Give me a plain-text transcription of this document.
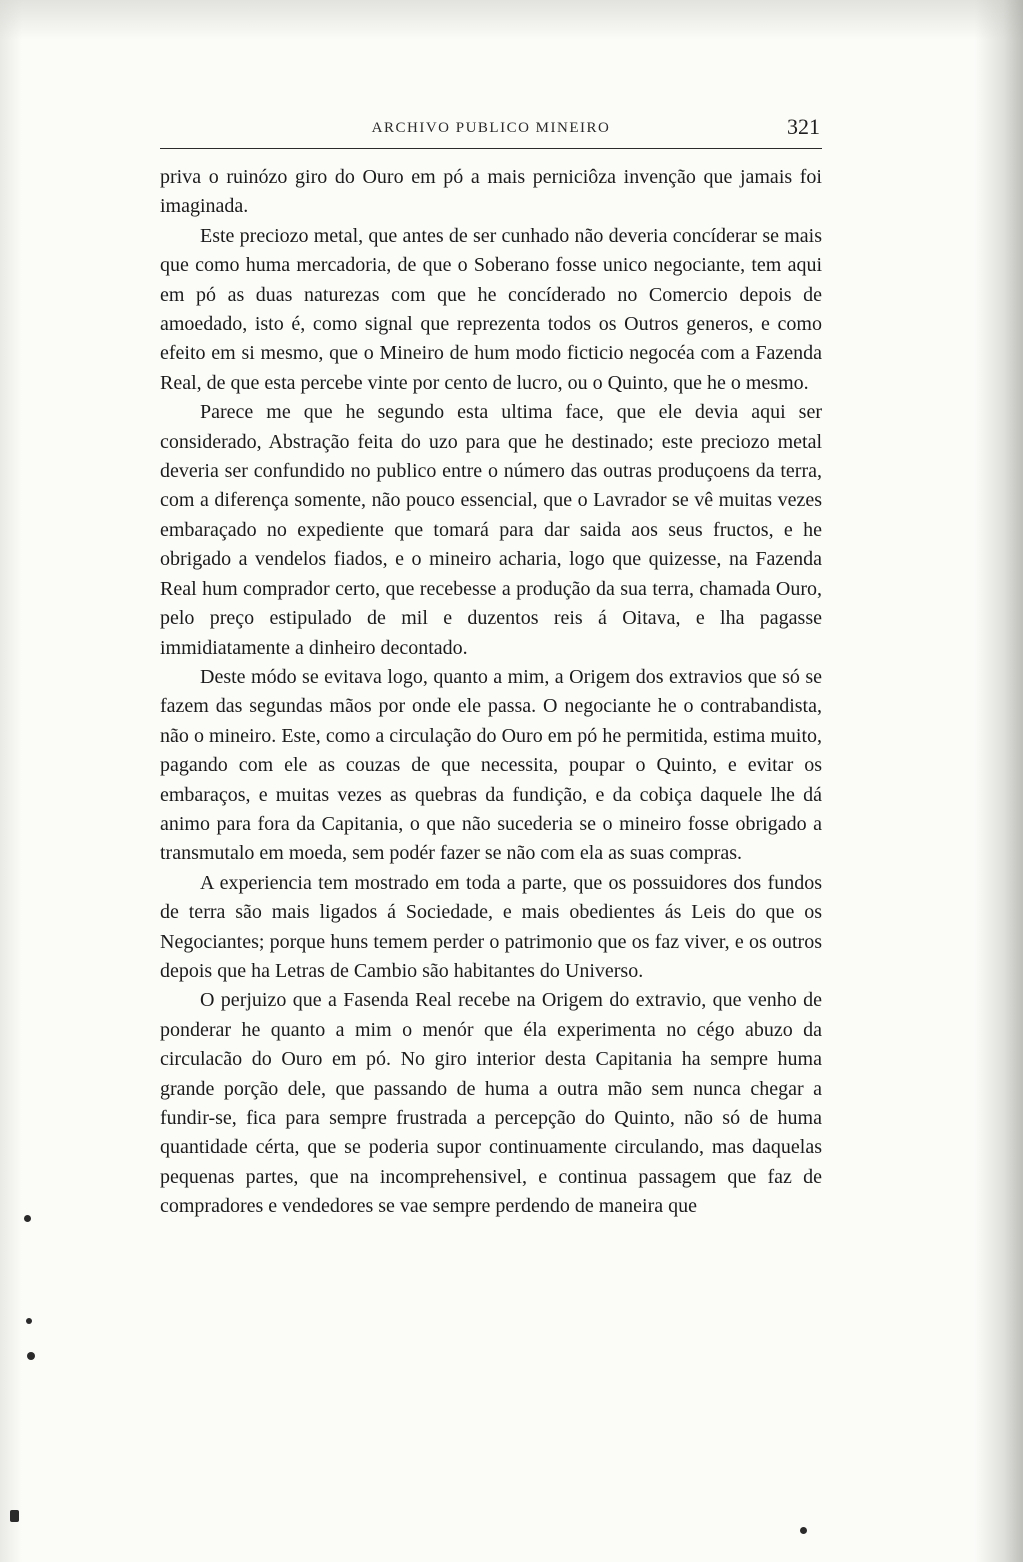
ARCHIVO PUBLICO MINEIRO	321

priva o ruinózo giro do Ouro em pó a mais perniciôza invenção que jamais foi imaginada.

Este preciozo metal, que antes de ser cunhado não deveria concíderar se mais que como huma mercadoria, de que o Soberano fosse unico negociante, tem aqui em pó as duas naturezas com que he concíderado no Comercio depois de amoedado, isto é, como signal que reprezenta todos os Outros generos, e como efeito em si mesmo, que o Mineiro de hum modo ficticio negocéa com a Fazenda Real, de que esta percebe vinte por cento de lucro, ou o Quinto, que he o mesmo.

Parece me que he segundo esta ultima face, que ele devia aqui ser considerado, Abstração feita do uzo para que he destinado; este preciozo metal deveria ser confundido no publico entre o número das outras produçoens da terra, com a diferença somente, não pouco essencial, que o Lavrador se vê muitas vezes embaraçado no expediente que tomará para dar saida aos seus fructos, e he obrigado a vendelos fiados, e o mineiro acharia, logo que quizesse, na Fazenda Real hum comprador certo, que recebesse a produção da sua terra, chamada Ouro, pelo preço estipulado de mil e duzentos reis á Oitava, e lha pagasse immidiatamente a dinheiro decontado.

Deste módo se evitava logo, quanto a mim, a Origem dos extravios que só se fazem das segundas mãos por onde ele passa. O negociante he o contrabandista, não o mineiro. Este, como a circulação do Ouro em pó he permitida, estima muito, pagando com ele as couzas de que necessita, poupar o Quinto, e evitar os embaraços, e muitas vezes as quebras da fundição, e da cobiça daquele lhe dá animo para fora da Capitania, o que não sucederia se o mineiro fosse obrigado a transmutalo em moeda, sem podér fazer se não com ela as suas compras.

A experiencia tem mostrado em toda a parte, que os possuidores dos fundos de terra são mais ligados á Sociedade, e mais obedientes ás Leis do que os Negociantes; porque huns temem perder o patrimonio que os faz viver, e os outros depois que ha Letras de Cambio são habitantes do Universo.

O perjuizo que a Fasenda Real recebe na Origem do extravio, que venho de ponderar he quanto a mim o menór que éla experimenta no cégo abuzo da circulacão do Ouro em pó. No giro interior desta Capitania ha sempre huma grande porção dele, que passando de huma a outra mão sem nunca chegar a fundir-se, fica para sempre frustrada a percepção do Quinto, não só de huma quantidade cérta, que se poderia supor continuamente circulando, mas daquelas pequenas partes, que na incomprehensivel, e continua passagem que faz de compradores e vendedores se vae sempre perdendo de maneira que
